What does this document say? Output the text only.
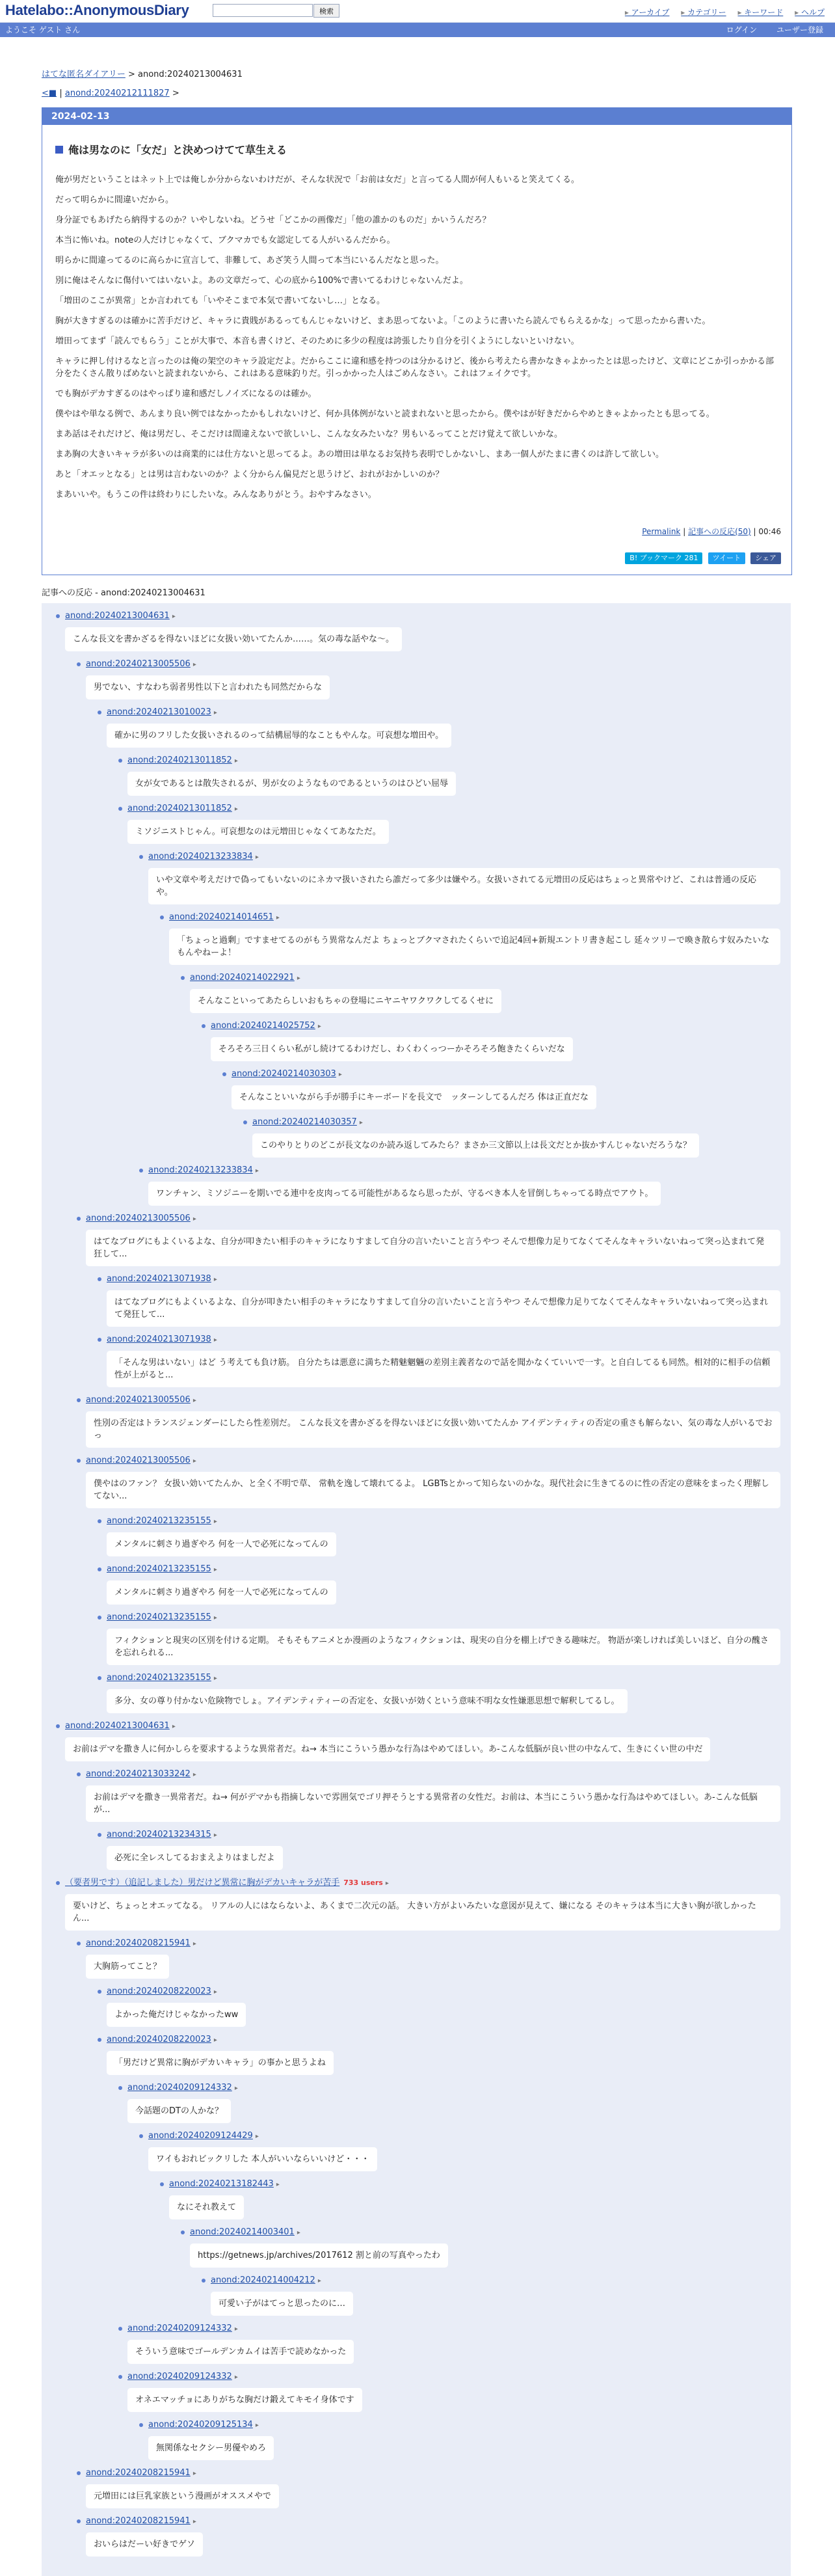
Hatelabo::AnonymousDiary	検索	▸ アーカイブ ▸ カテゴリー ▸ キーワード ▸ ヘルプ
ようこそ ゲスト さん	ログイン ユーザー登録
はてな匿名ダイアリー > anond:20240213004631
<■ | anond:20240212111827 >
2024-02-13
俺は男なのに「女だ」と決めつけてて草生える
俺が男だということはネット上では俺しか分からないわけだが、そんな状況で「お前は女だ」と言ってる人間が何人もいると笑えてくる。
だって明らかに間違いだから。
身分証でもあげたら納得するのか？いやしないね。どうせ「どこかの画像だ」「他の誰かのものだ」かいうんだろ？
本当に怖いね。noteの人だけじゃなくて、ブクマカでも女認定してる人がいるんだから。
明らかに間違ってるのに高らかに宣言して、非難して、あざ笑う人間って本当にいるんだなと思った。
別に俺はそんなに傷付いてはいないよ。あの文章だって、心の底から100%で書いてるわけじゃないんだよ。
「増田のここが異常」とか言われても「いやそこまで本気で書いてないし…」となる。
胸が大きすぎるのは確かに苦手だけど、キャラに貴賎があるってもんじゃないけど、まあ思ってないよ。「このように書いたら読んでもらえるかな」って思ったから書いた。
増田ってまず「読んでもらう」ことが大事で、本音も書くけど、そのために多少の程度は誇張したり自分を引くようにしないといけない。
キャラに押し付けるなと言ったのは俺の架空のキャラ設定だよ。だからここに違和感を持つのは分かるけど、後から考えたら書かなきゃよかったとは思ったけど、文章にどこか引っかかる部分をたくさん散りばめないと読まれないから、これはある意味釣りだ。引っかかった人はごめんなさい。これはフェイクです。
でも胸がデカすぎるのはやっぱり違和感だしノイズになるのは確か。
僕やはや単なる例で、あんまり良い例ではなかったかもしれないけど、何か具体例がないと読まれないと思ったから。僕やはが好きだからやめときゃよかったとも思ってる。
まあ話はそれだけど、俺は男だし、そこだけは間違えないで欲しいし、こんな女みたいな？男もいるってことだけ覚えて欲しいかな。
まあ胸の大きいキャラが多いのは商業的には仕方ないと思ってるよ。あの増田は単なるお気持ち表明でしかないし、まあ一個人がたまに書くのは許して欲しい。
あと「オエッとなる」とは男は言わないのか？よく分からん偏見だと思うけど、おれがおかしいのか？
まあいいや。もうこの件は終わりにしたいな。みんなありがとう。おやすみなさい。
Permalink | 記事への反応(50) | 00:46
B! ブックマーク 281 ツイート シェア
記事への反応 - anond:20240213004631
anond:20240213004631 ▸
こんな長文を書かざるを得ないほどに女扱い効いてたんか……。気の毒な話やな〜。
anond:20240213005506 ▸
男でない、すなわち弱者男性以下と言われたも同然だからな
anond:20240213010023 ▸
確かに男のフリした女扱いされるのって結構屈辱的なこともやんな。可哀想な増田や。
anond:20240213011852 ▸
女が女であるとは散失されるが、男が女のようなものであるというのはひどい屈辱
anond:20240213011852 ▸
ミソジニストじゃん。可哀想なのは元増田じゃなくてあなただ。
anond:20240213233834 ▸
いや文章や考えだけで偽ってもいないのにネカマ扱いされたら誰だって多少は嫌やろ。女扱いされてる元増田の反応はちょっと異常やけど、これは普通の反応や。
anond:20240214014651 ▸
「ちょっと過剰」ですませてるのがもう異常なんだよ ちょっとブクマされたくらいで追記4回+新規エントリ書き起こし 延々ツリーで喚き散らす奴みたいなもんやねーよ！
anond:20240214022921 ▸
そんなこといってあたらしいおもちゃの登場にニヤニヤワクワクしてるくせに
anond:20240214025752 ▸
そろそろ三日くらい私がし続けてるわけだし、わくわくっつーかそろそろ飽きたくらいだな
anond:20240214030303 ▸
そんなこといいながら手が勝手にキーボードを長文で　ッターンしてるんだろ 体は正直だな
anond:20240214030357 ▸
このやりとりのどこが長文なのか読み返してみたら？まさか三文節以上は長文だとか抜かすんじゃないだろうな？
anond:20240213233834 ▸
ワンチャン、ミソジニーを期いでる連中を皮肉ってる可能性があるなら思ったが、守るべき本人を冒倒しちゃってる時点でアウト。
anond:20240213005506 ▸
はてなブログにもよくいるよな、自分が叩きたい相手のキャラになりすまして自分の言いたいこと言うやつ そんで想像力足りてなくてそんなキャラいないねって突っ込まれて発狂して...
anond:20240213071938 ▸
はてなブログにもよくいるよな、自分が叩きたい相手のキャラになりすまして自分の言いたいこと言うやつ そんで想像力足りてなくてそんなキャラいないねって突っ込まれて発狂して...
anond:20240213071938 ▸
「そんな男はいない」はど う考えても負け筋。 自分たちは悪意に満ちた精魅魍魎の差別主義者なので話を聞かなくていいで一す。と自白してるも同然。相対的に相手の信頼性が上がると...
anond:20240213005506 ▸
性別の否定はトランスジェンダーにしたら性差別だ。 こんな長文を書かざるを得ないほどに女扱い効いてたんか アイデンティティの否定の重さも解らない、気の毒な人がいるでおっ
anond:20240213005506 ▸
僕やはのファン？ 女扱い効いてたんか、と全く不明で草、 常軌を逸して壊れてるよ。 LGBTsとかって知らないのかな。現代社会に生きてるのに性の否定の意味をまったく理解してない...
anond:20240213235155 ▸
メンタルに刺さり過ぎやろ 何を一人で必死になってんの
anond:20240213235155 ▸
メンタルに刺さり過ぎやろ 何を一人で必死になってんの
anond:20240213235155 ▸
フィクションと現実の区別を付ける定期。 そもそもアニメとか漫画のようなフィクションは、現実の自分を棚上げできる趣味だ。 物語が楽しければ美しいほど、自分の醜さを忘れられる...
anond:20240213235155 ▸
多分、女の尊り付かない危険物でしょ。アイデンティティーの否定を、女扱いが効くという意味不明な女性嫌悪思想で解釈してるし。
anond:20240213004631 ▸
お前はデマを撒き人に何かしらを要求するような異常者だ。ね→ 本当にこういう愚かな行為はやめてほしい。あ-こんな低脳が良い世の中なんて、生きにくい世の中だ
anond:20240213033242 ▸
お前はデマを撒き一異常者だ。ね→ 何がデマかも指摘しないで雰囲気でゴリ押そうとする異常者の女性だ。お前は、本当にこういう愚かな行為はやめてほしい。あ-こんな低脳が...
anond:20240213234315 ▸
必死に全レスしてるおまえよりはましだよ
（要者男です）（追記しました）男だけど異常に胸がデカいキャラが苦手 733 users ▸
要いけど、ちょっとオエッてなる。 リアルの人にはならないよ、あくまで二次元の話。 大きい方がよいみたいな意図が見えて、嫌になる そのキャラは本当に大きい胸が欲しかったん...
anond:20240208215941 ▸
大胸筋ってこと？
anond:20240208220023 ▸
よかった俺だけじゃなかったww
anond:20240208220023 ▸
「男だけど異常に胸がデカいキャラ」の事かと思うよね
anond:20240209124332 ▸
今話題のDTの人かな？
anond:20240209124429 ▸
ワイもおれビックリした 本人がいいならいいけど・・・
anond:20240213182443 ▸
なにそれ教えて
anond:20240214003401 ▸
https://getnews.jp/archives/2017612 割と前の写真やったわ
anond:20240214004212 ▸
可愛い子がはてっと思ったのに…
anond:20240209124332 ▸
そういう意味でゴールデンカムイは苦手で読めなかった
anond:20240209124332 ▸
オネエマッチョにありがちな胸だけ鍛えてキモイ身体です
anond:20240209125134 ▸
無関係なセクシー男優やめろ
anond:20240208215941 ▸
元増田には巨乳家族という漫画がオススメやで
anond:20240208215941 ▸
おいらはだーい好きでゲソ
